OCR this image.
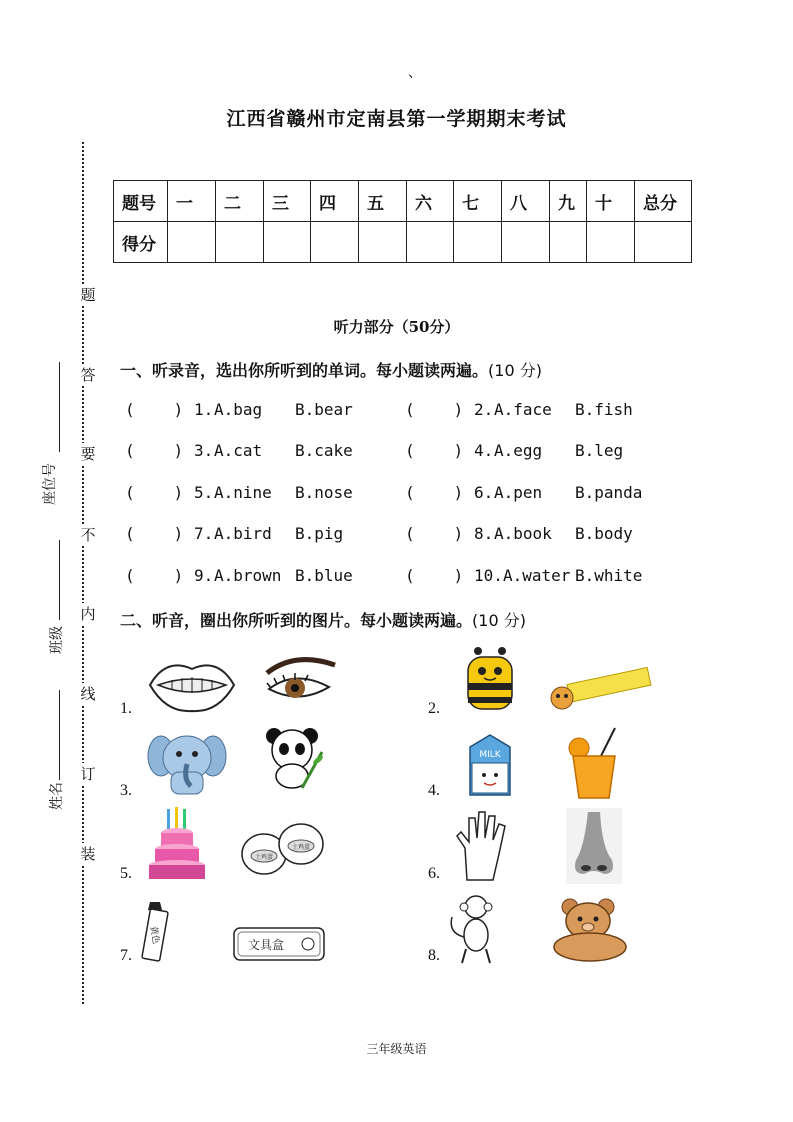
、
江西省赣州市定南县第一学期期末考试
题
答
要
不
内
线
订
装
座位号
班级
姓名
题号	一	二	三	四	五	六	七	八	九	十	总分
得分											
听力部分（50分）
一、听录音，选出你所听到的单词。每小题读两遍。(10 分)
(	) 1. A.bag B.bear	(	) 2. A.face B.fish
(	) 3. A.cat B.cake	(	) 4. A.egg B.leg
(	) 5. A.nine B.nose	(	) 6. A.pen B.panda
(	) 7. A.bird B.pig	(	) 8. A.book B.body
(	) 9. A.brown B.blue	(	) 10. A.water B.white
二、听音，圈出你所听到的图片。每小题读两遍。(10 分)
1.	2.
3.	4.
5.	6.
7.	8.
MILK
土鸡蛋
土鸡蛋
黄色
文具盒
三年级英语
